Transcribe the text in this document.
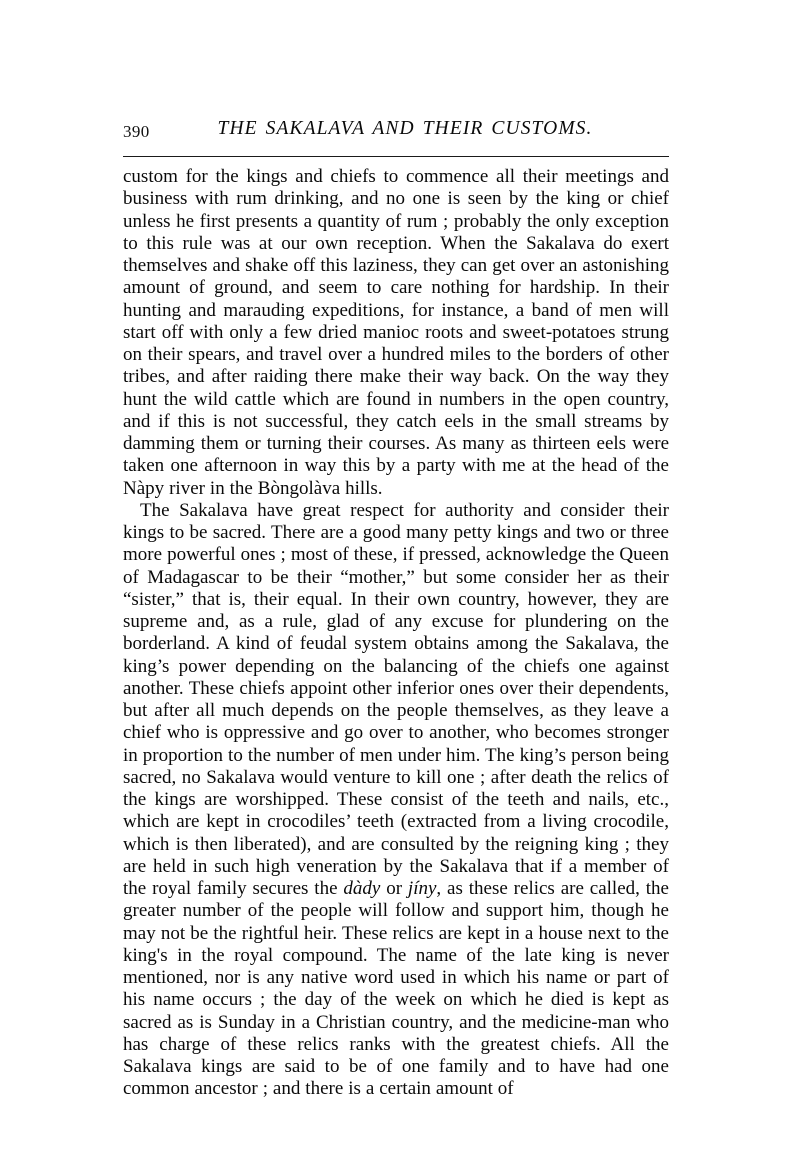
390	THE SAKALAVA AND THEIR CUSTOMS.

custom for the kings and chiefs to commence all their meetings and business with rum drinking, and no one is seen by the king or chief unless he first presents a quantity of rum ; probably the only exception to this rule was at our own reception. When the Sakalava do exert themselves and shake off this laziness, they can get over an astonishing amount of ground, and seem to care nothing for hardship. In their hunting and marauding expeditions, for instance, a band of men will start off with only a few dried manioc roots and sweet-potatoes strung on their spears, and travel over a hundred miles to the borders of other tribes, and after raiding there make their way back. On the way they hunt the wild cattle which are found in numbers in the open country, and if this is not successful, they catch eels in the small streams by damming them or turning their courses. As many as thirteen eels were taken one afternoon in way this by a party with me at the head of the Nàpy river in the Bòngolàva hills.

The Sakalava have great respect for authority and consider their kings to be sacred. There are a good many petty kings and two or three more powerful ones ; most of these, if pressed, acknowledge the Queen of Madagascar to be their “mother,” but some consider her as their “sister,” that is, their equal. In their own country, however, they are supreme and, as a rule, glad of any excuse for plundering on the borderland. A kind of feudal system obtains among the Sakalava, the king’s power depending on the balancing of the chiefs one against another. These chiefs appoint other inferior ones over their dependents, but after all much depends on the people themselves, as they leave a chief who is oppressive and go over to another, who becomes stronger in proportion to the number of men under him. The king’s person being sacred, no Sakalava would venture to kill one ; after death the relics of the kings are worshipped. These consist of the teeth and nails, etc., which are kept in crocodiles’ teeth (extracted from a living crocodile, which is then liberated), and are consulted by the reigning king ; they are held in such high veneration by the Sakalava that if a member of the royal family secures the dàdy or jíny, as these relics are called, the greater number of the people will follow and support him, though he may not be the rightful heir. These relics are kept in a house next to the king's in the royal compound. The name of the late king is never mentioned, nor is any native word used in which his name or part of his name occurs ; the day of the week on which he died is kept as sacred as is Sunday in a Christian country, and the medicine-man who has charge of these relics ranks with the greatest chiefs. All the Sakalava kings are said to be of one family and to have had one common ancestor ; and there is a certain amount of
